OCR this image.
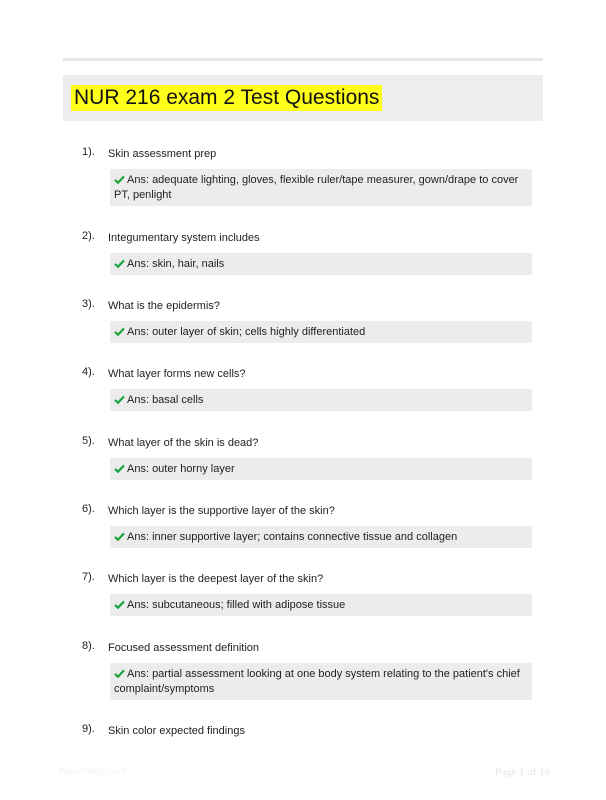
NUR 216 exam 2 Test Questions
1). Skin assessment prep
Ans: adequate lighting, gloves, flexible ruler/tape measurer, gown/drape to cover PT, penlight
2). Integumentary system includes
Ans: skin, hair, nails
3). What is the epidermis?
Ans: outer layer of skin; cells highly differentiated
4). What layer forms new cells?
Ans: basal cells
5). What layer of the skin is dead?
Ans: outer horny layer
6). Which layer is the supportive layer of the skin?
Ans: inner supportive layer; contains connective tissue and collagen
7). Which layer is the deepest layer of the skin?
Ans: subcutaneous; filled with adipose tissue
8). Focused assessment definition
Ans: partial assessment looking at one body system relating to the patient's chief complaint/symptoms
9). Skin color expected findings
PaperHelp.com	Page 1 of 16
